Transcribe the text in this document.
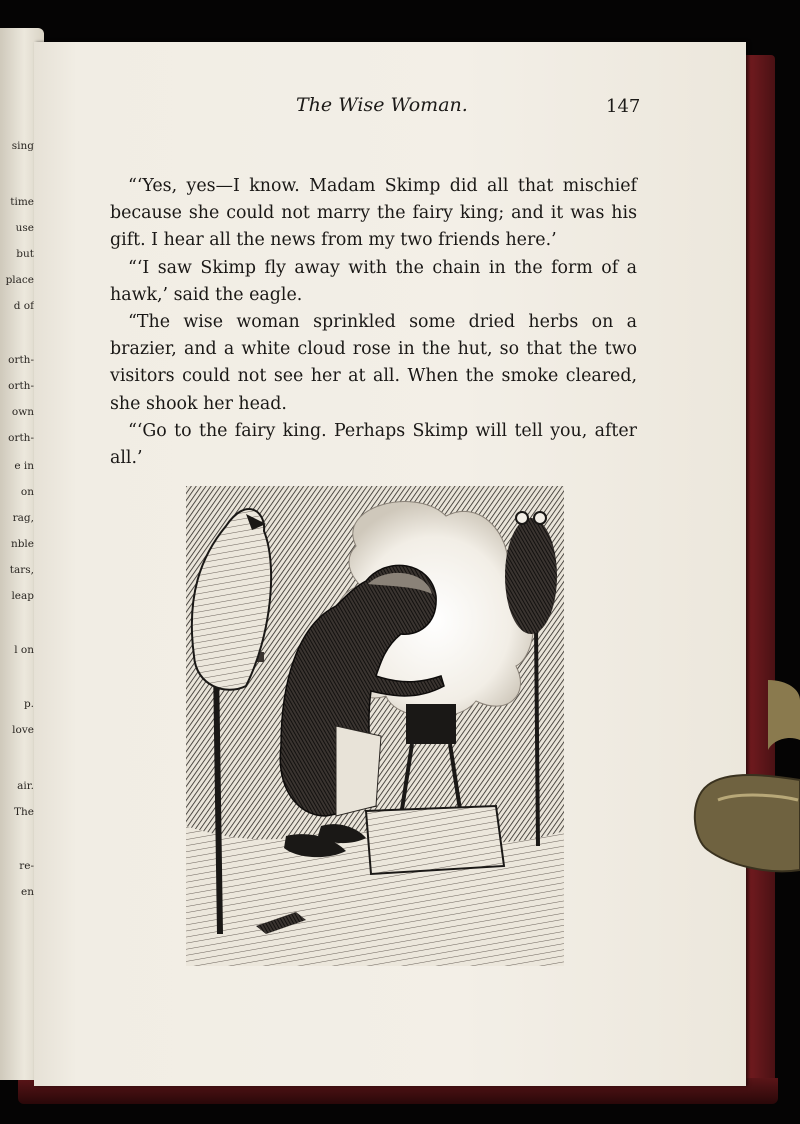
sing
time
use
but
place
d of
orth-
orth-
own
orth-
e in
on
rag,
nble
tars,
leap
l on
p.
love
air.
The
re-
en
The Wise Woman.	147

“‘Yes, yes—I know. Madam Skimp did all that mischief because she could not marry the fairy king; and it was his gift. I hear all the news from my two friends here.’

“‘I saw Skimp fly away with the chain in the form of a hawk,’ said the eagle.

“The wise woman sprinkled some dried herbs on a brazier, and a white cloud rose in the hut, so that the two visitors could not see her at all. When the smoke cleared, she shook her head.

“‘Go to the fairy king. Perhaps Skimp will tell you, after all.’
